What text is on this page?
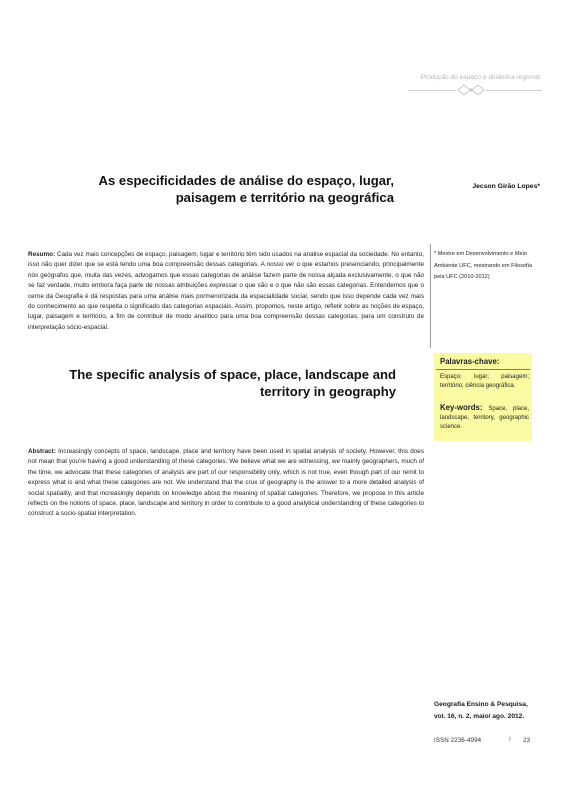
Produção do espaço e dinâmica regional
As especificidades de análise do espaço, lugar, paisagem e território na geográfica
Jecson Girão Lopes*
Resumo: Cada vez mais concepções de espaço, paisagem, lugar e território têm sido usados na análise espacial da sociedade. No entanto, isso não quer dizer que se está tendo uma boa compreensão dessas categorias. A nosso ver o que estamos presenciando, principalmente nós geógrafos que, muita das vezes, advogamos que essas categorias de análise fazem parte de nossa alçada exclusivamente, o que não se faz verdade, muito embora faça parte de nossas atribuições expressar o que são e o que não são essas categorias. Entendemos que o cerne da Geografia é dá respostas para uma análise mais pormenorizada da espacialidade social, sendo que isso depende cada vez mais do conhecimento ao que respeita o significado das categorias espaciais. Assim, propomos, neste artigo, refletir sobre as noções de espaço, lugar, paisagem e território, a fim de contribuir de modo analítico para uma boa compreensão dessas categorias, para um construto de interpretação sócio-espacial.
* Mestre em Desenvolvimento e Meio Ambiente UFC, mestrando em Filosofia pela UFC (2010-2012)
Palavras-chave:
Espaço; lugar; paisagem; território; ciência geográfica.
Key-words: Space, place, landscape, territory, geographic science.
The specific analysis of space, place, landscape and territory in geography
Abstract: Increasingly concepts of space, landscape, place and territory have been used in spatial analysis of society. However, this does not mean that you're having a good understanding of these categories. We believe what we are witnessing, we mainly geographers, much of the time, we advocate that these categories of analysis are part of our responsibility only, which is not true, even though part of our remit to express what is and what these categories are not. We understand that the crux of geography is the answer to a more detailed analysis of social spatiality, and that increasingly depends on knowledge about the meaning of spatial categories. Therefore, we propose in this article reflects on the notions of space, place, landscape and territory in order to contribute to a good analytical understanding of these categories to construct a socio-spatial interpretation.
Geografia Ensino & Pesquisa,
vol. 16, n. 2, maio/ ago. 2012.
ISSN 2236-4994	I 23
